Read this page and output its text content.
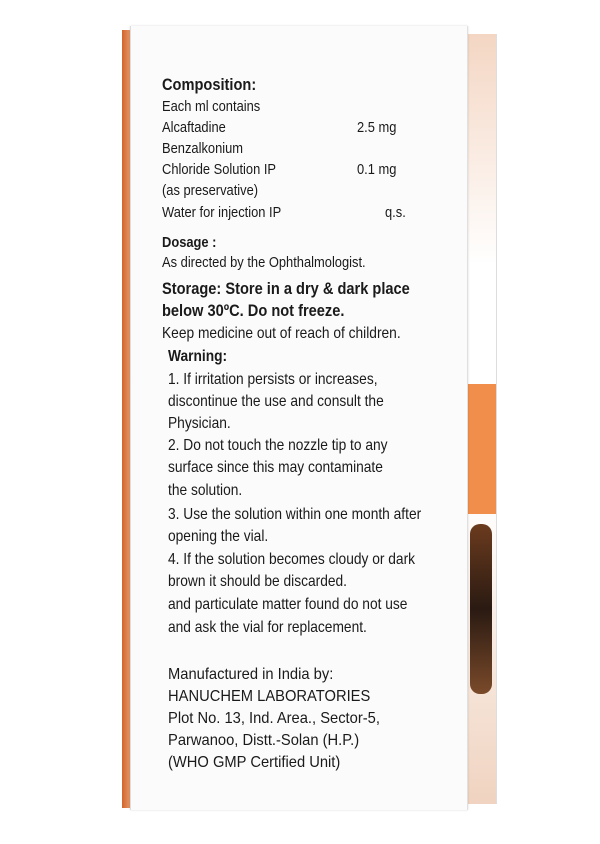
Composition:
Each ml contains
Alcaftadine
Benzalkonium
Chloride Solution IP
(as preservative)
Water for injection IP
2.5 mg
0.1 mg
q.s.
Dosage :
As directed by the Ophthalmologist.
Storage: Store in a dry & dark place
below 30ºC. Do not freeze.
Keep medicine out of reach of children.
Warning:
1. If irritation persists or increases,
discontinue the use and consult the
Physician.
2. Do not touch the nozzle tip to any
surface since this may contaminate
the solution.
3. Use the solution within one month after
opening the vial.
4. If the solution becomes cloudy or dark
brown it should be discarded.
and particulate matter found do not use
and ask the vial for replacement.
Manufactured in India by:
HANUCHEM LABORATORIES
Plot No. 13, Ind. Area., Sector-5,
Parwanoo, Distt.-Solan (H.P.)
(WHO GMP Certified Unit)
